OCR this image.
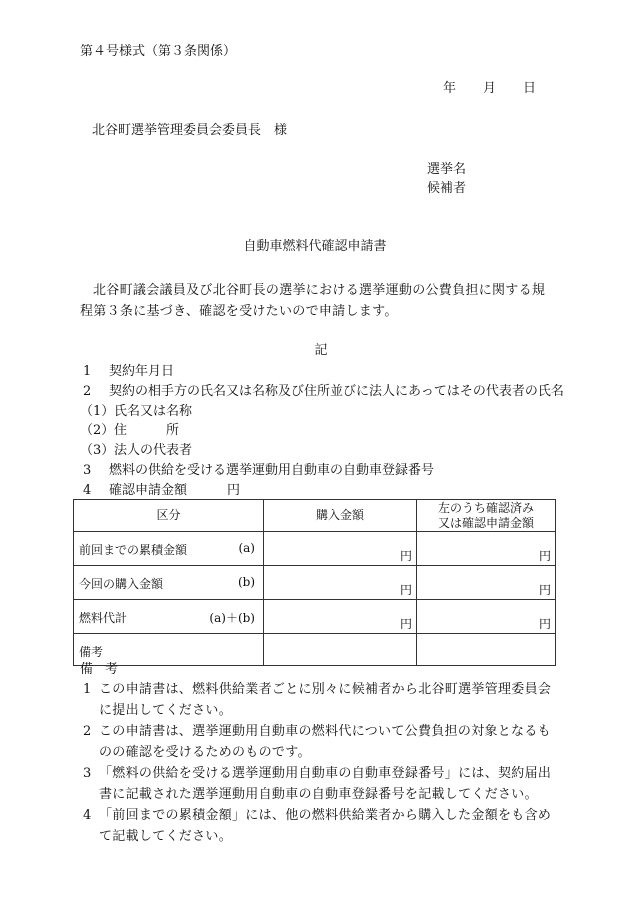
第４号様式（第３条関係）
年 月 日
北谷町選挙管理委員会委員長　様
選挙名
候補者
自動車燃料代確認申請書
北谷町議会議員及び北谷町長の選挙における選挙運動の公費負担に関する規程第３条に基づき、確認を受けたいので申請します。
記
1 契約年月日
2 契約の相手方の氏名又は名称及び住所並びに法人にあってはその代表者の氏名
（1）氏名又は名称
（2）住　　　所
（3）法人の代表者
3 燃料の供給を受ける選挙運動用自動車の自動車登録番号
4 確認申請金額	円
区分	購入金額	左のうち確認済み
又は確認申請金額

前回までの累積金額 (a)	円	円

今回の購入金額 (b)	円	円

燃料代計 (a)＋(b)	円	円

備考		

備考
1 この申請書は、燃料供給業者ごとに別々に候補者から北谷町選挙管理委員会に提出してください。
2 この申請書は、選挙運動用自動車の燃料代について公費負担の対象となるものの確認を受けるためのものです。
3 「燃料の供給を受ける選挙運動用自動車の自動車登録番号」には、契約届出書に記載された選挙運動用自動車の自動車登録番号を記載してください。
4 「前回までの累積金額」には、他の燃料供給業者から購入した金額をも含めて記載してください。
